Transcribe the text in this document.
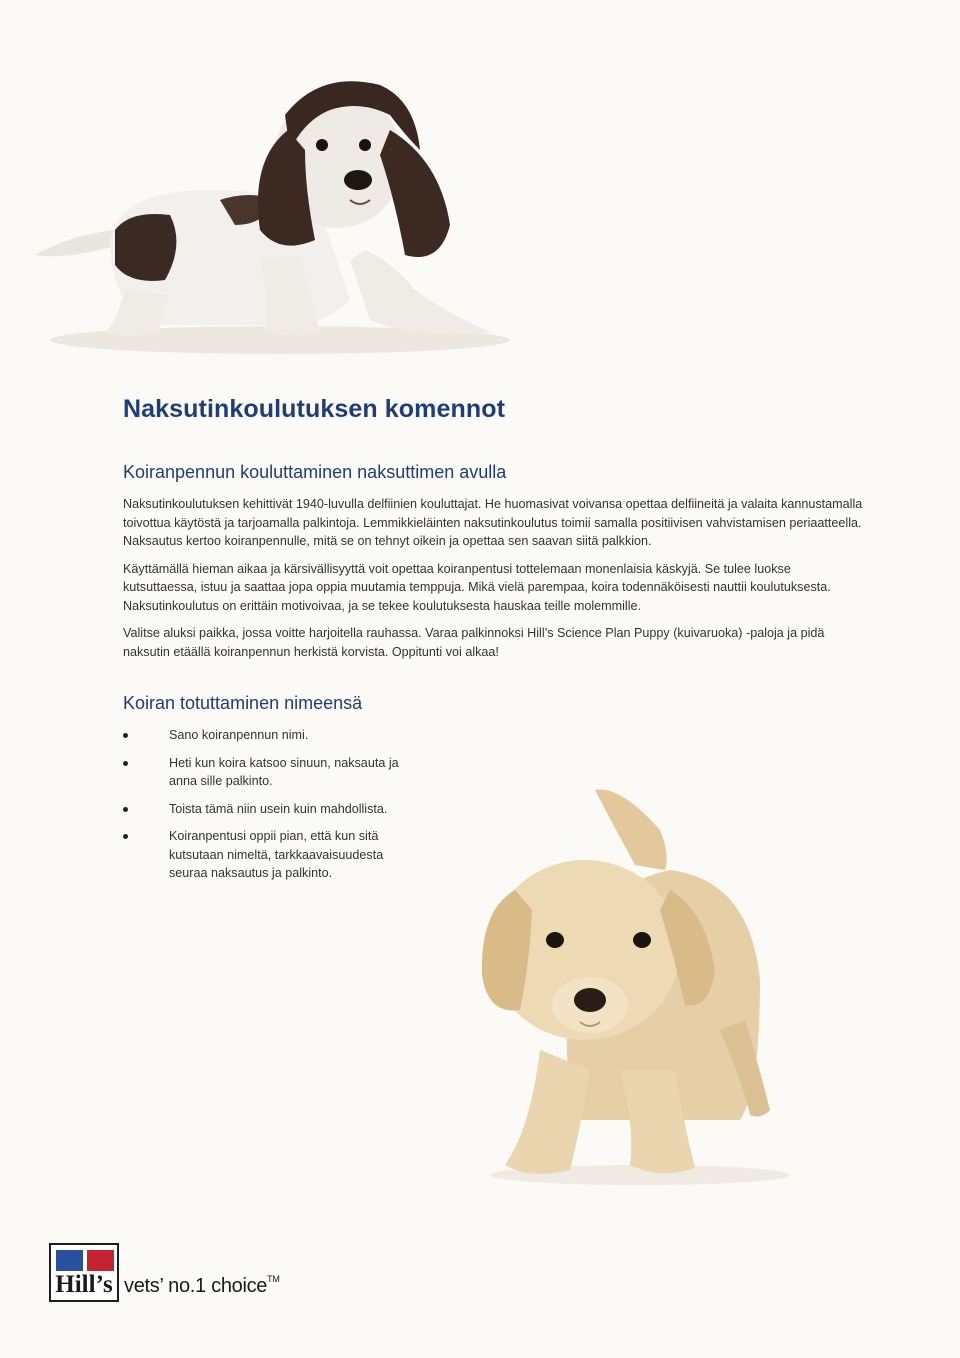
Naksutinkoulutuksen komennot
Koiranpennun kouluttaminen naksuttimen avulla

Naksutinkoulutuksen kehittivät 1940-luvulla delfiinien kouluttajat. He huomasivat voivansa opettaa delfiineitä ja valaita kannustamalla toivottua käytöstä ja tarjoamalla palkintoja. Lemmikkieläinten naksutinkoulutus toimii samalla positiivisen vahvistamisen periaatteella. Naksautus kertoo koiranpennulle, mitä se on tehnyt oikein ja opettaa sen saavan siitä palkkion.

Käyttämällä hieman aikaa ja kärsivällisyyttä voit opettaa koiranpentusi tottelemaan monenlaisia käskyjä. Se tulee luokse kutsuttaessa, istuu ja saattaa jopa oppia muutamia temppuja. Mikä vielä parempaa, koira todennäköisesti nauttii koulutuksesta. Naksutinkoulutus on erittäin motivoivaa, ja se tekee koulutuksesta hauskaa teille molemmille.

Valitse aluksi paikka, jossa voitte harjoitella rauhassa. Varaa palkinnoksi Hill’s Science Plan Puppy (kuivaruoka) -paloja ja pidä naksutin etäällä koiranpennun herkistä korvista. Oppitunti voi alkaa!

Koiran totuttaminen nimeensä
Sano koiranpennun nimi.
Heti kun koira katsoo sinuun, naksauta ja anna sille palkinto.
Toista tämä niin usein kuin mahdollista.
Koiranpentusi oppii pian, että kun sitä kutsutaan nimeltä, tarkkaavaisuudesta seuraa naksautus ja palkinto.
Hill’s vets’ no.1 choice™
